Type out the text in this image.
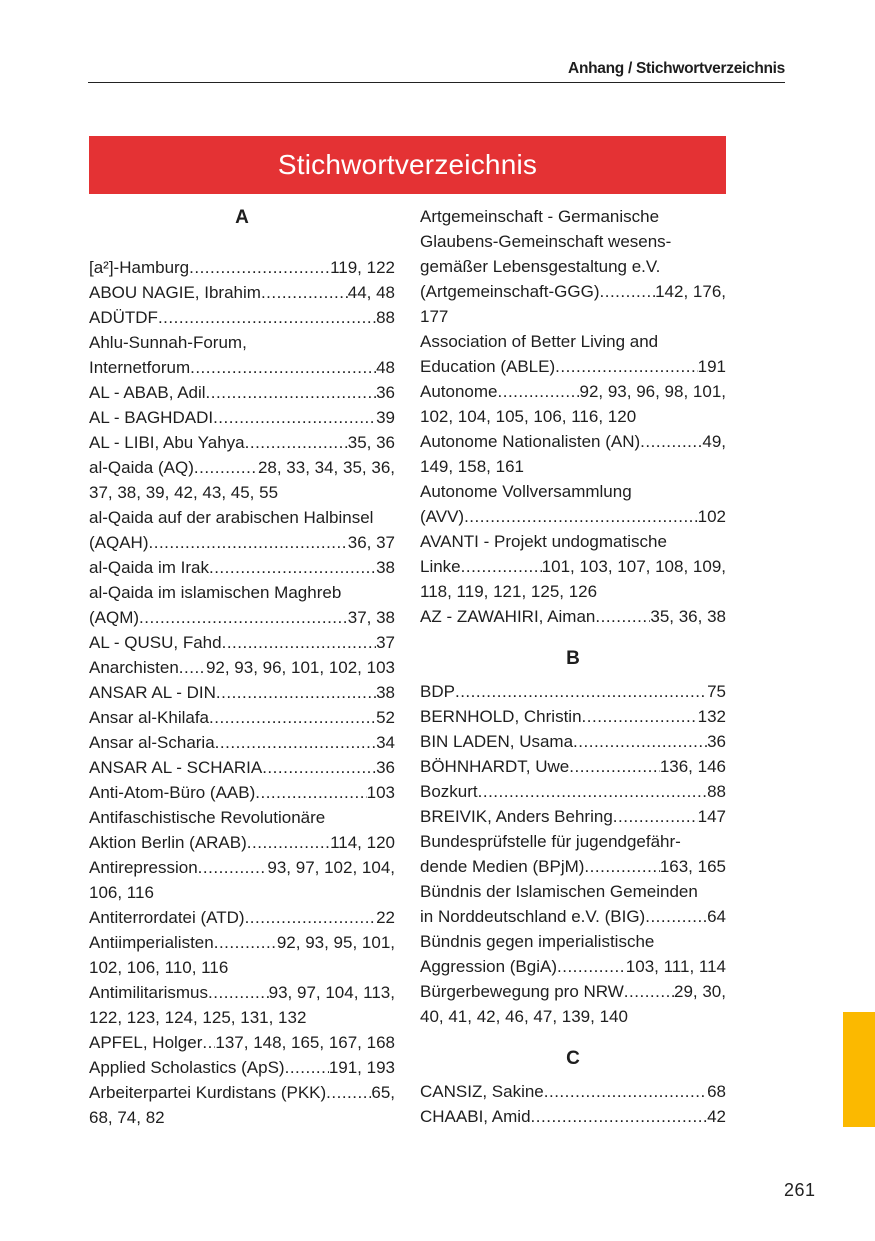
Anhang / Stichwortverzeichnis
Stichwortverzeichnis
A
[a²]-Hamburg .....	119, 122
ABOU NAGIE, Ibrahim .....	44, 48
ADÜTDF .....	88
Ahlu-Sunnah-Forum,
Internetforum .....	48
AL - ABAB, Adil .....	36
AL - BAGHDADI .....	39
AL - LIBI, Abu Yahya .....	35, 36
al-Qaida (AQ) .....	28, 33, 34, 35, 36,
37, 38, 39, 42, 43, 45, 55
al-Qaida auf der arabischen Halbinsel
(AQAH) .....	36, 37
al-Qaida im Irak .....	38
al-Qaida im islamischen Maghreb
(AQM) .....	37, 38
AL - QUSU, Fahd .....	37
Anarchisten ..... 92, 93, 96, 101, 102, 103
ANSAR AL - DIN .....	38
Ansar al-Khilafa .....	52
Ansar al-Scharia .....	34
ANSAR AL - SCHARIA .....	36
Anti-Atom-Büro (AAB) .....	103
Antifaschistische Revolutionäre
Aktion Berlin (ARAB) .....	114, 120
Antirepression .....	93, 97, 102, 104,
106, 116
Antiterrordatei (ATD) .....	22
Antiimperialisten .....	92, 93, 95, 101,
102, 106, 110, 116
Antimilitarismus .....	93, 97, 104, 113,
122, 123, 124, 125, 131, 132
APFEL, Holger ..... 137, 148, 165, 167, 168
Applied Scholastics (ApS) .....	191, 193
Arbeiterpartei Kurdistans (PKK) .....	65,
68, 74, 82
Artgemeinschaft - Germanische
Glaubens-Gemeinschaft wesens-
gemäßer Lebensgestaltung e.V.
(Artgemeinschaft-GGG) .....	142, 176,
177
Association of Better Living and
Education (ABLE) .....	191
Autonome .....	92, 93, 96, 98, 101,
102, 104, 105, 106, 116, 120
Autonome Nationalisten (AN) .....	49,
149, 158, 161
Autonome Vollversammlung
(AVV) .....	102
AVANTI - Projekt undogmatische
Linke .....	101, 103, 107, 108, 109,
118, 119, 121, 125, 126
AZ - ZAWAHIRI, Aiman .....	35, 36, 38
B
BDP .....	75
BERNHOLD, Christin .....	132
BIN LADEN, Usama .....	36
BÖHNHARDT, Uwe .....	136, 146
Bozkurt .....	88
BREIVIK, Anders Behring .....	147
Bundesprüfstelle für jugendgefähr-
dende Medien (BPjM) .....	163, 165
Bündnis der Islamischen Gemeinden
in Norddeutschland e.V. (BIG) .....	64
Bündnis gegen imperialistische
Aggression (BgiA) .....	103, 111, 114
Bürgerbewegung pro NRW .....	29, 30,
40, 41, 42, 46, 47, 139, 140
C
CANSIZ, Sakine .....	68
CHAABI, Amid .....	42
261
